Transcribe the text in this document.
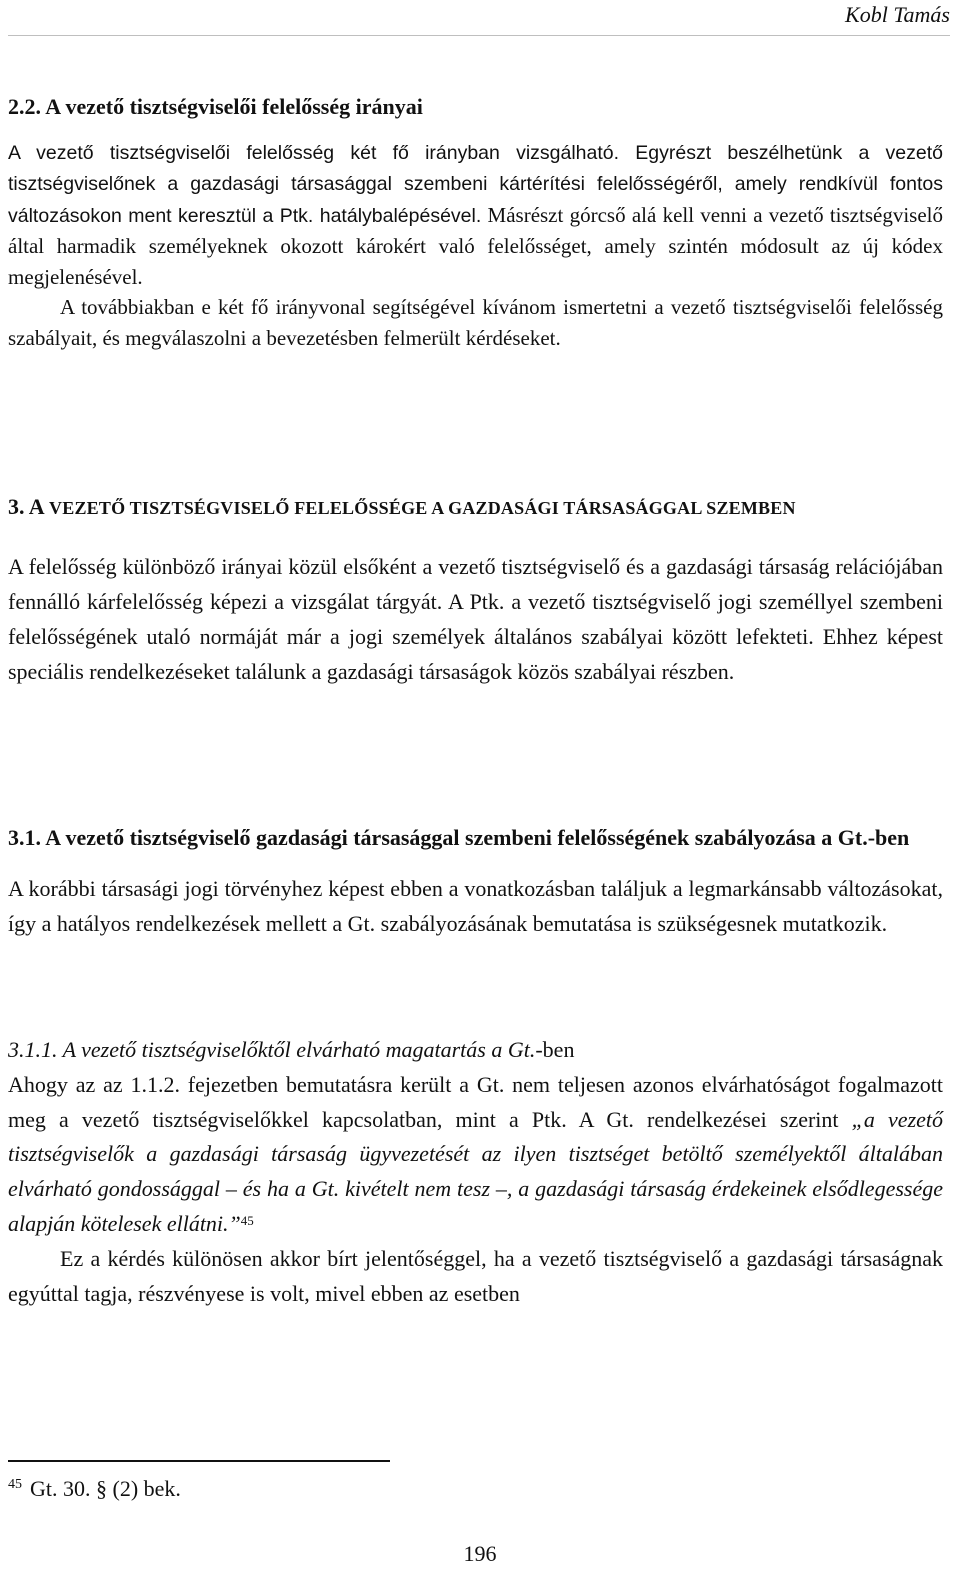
Kobl Tamás

2.2. A vezető tisztségviselői felelősség irányai

A vezető tisztségviselői felelősség két fő irányban vizsgálható. Egyrészt beszélhetünk a vezető tisztségviselőnek a gazdasági társasággal szembeni kártérítési felelősségéről, amely rendkívül fontos változásokon ment keresztül a Ptk. hatálybalépésével. Másrészt górcső alá kell venni a vezető tisztségviselő által harmadik személyeknek okozott károkért való felelősséget, amely szintén módosult az új kódex megjelenésével.

A továbbiakban e két fő irányvonal segítségével kívánom ismertetni a vezető tisztségviselői felelősség szabályait, és megválaszolni a bevezetésben felmerült kérdéseket.

3. A VEZETŐ TISZTSÉGVISELŐ FELELŐSSÉGE A GAZDASÁGI TÁRSASÁGGAL SZEMBEN

A felelősség különböző irányai közül elsőként a vezető tisztségviselő és a gazdasági társaság relációjában fennálló kárfelelősség képezi a vizsgálat tárgyát. A Ptk. a vezető tisztségviselő jogi személlyel szembeni felelősségének utaló normáját már a jogi személyek általános szabályai között lefekteti. Ehhez képest speciális rendelkezéseket találunk a gazdasági társaságok közös szabályai részben.

3.1. A vezető tisztségviselő gazdasági társasággal szembeni felelősségének szabályozása a Gt.-ben

A korábbi társasági jogi törvényhez képest ebben a vonatkozásban találjuk a legmarkánsabb változásokat, így a hatályos rendelkezések mellett a Gt. szabályozásának bemutatása is szükségesnek mutatkozik.

3.1.1. A vezető tisztségviselőktől elvárható magatartás a Gt.-ben

Ahogy az az 1.1.2. fejezetben bemutatásra került a Gt. nem teljesen azonos elvárhatóságot fogalmazott meg a vezető tisztségviselőkkel kapcsolatban, mint a Ptk. A Gt. rendelkezései szerint „a vezető tisztségviselők a gazdasági társaság ügyvezetését az ilyen tisztséget betöltő személyektől általában elvárható gondossággal – és ha a Gt. kivételt nem tesz –, a gazdasági társaság érdekeinek elsődlegessége alapján kötelesek ellátni.”$^{45}$

Ez a kérdés különösen akkor bírt jelentőséggel, ha a vezető tisztségviselő a gazdasági társaságnak egyúttal tagja, részvényese is volt, mivel ebben az esetben

$^{45}$ Gt. 30. § (2) bek.
196
